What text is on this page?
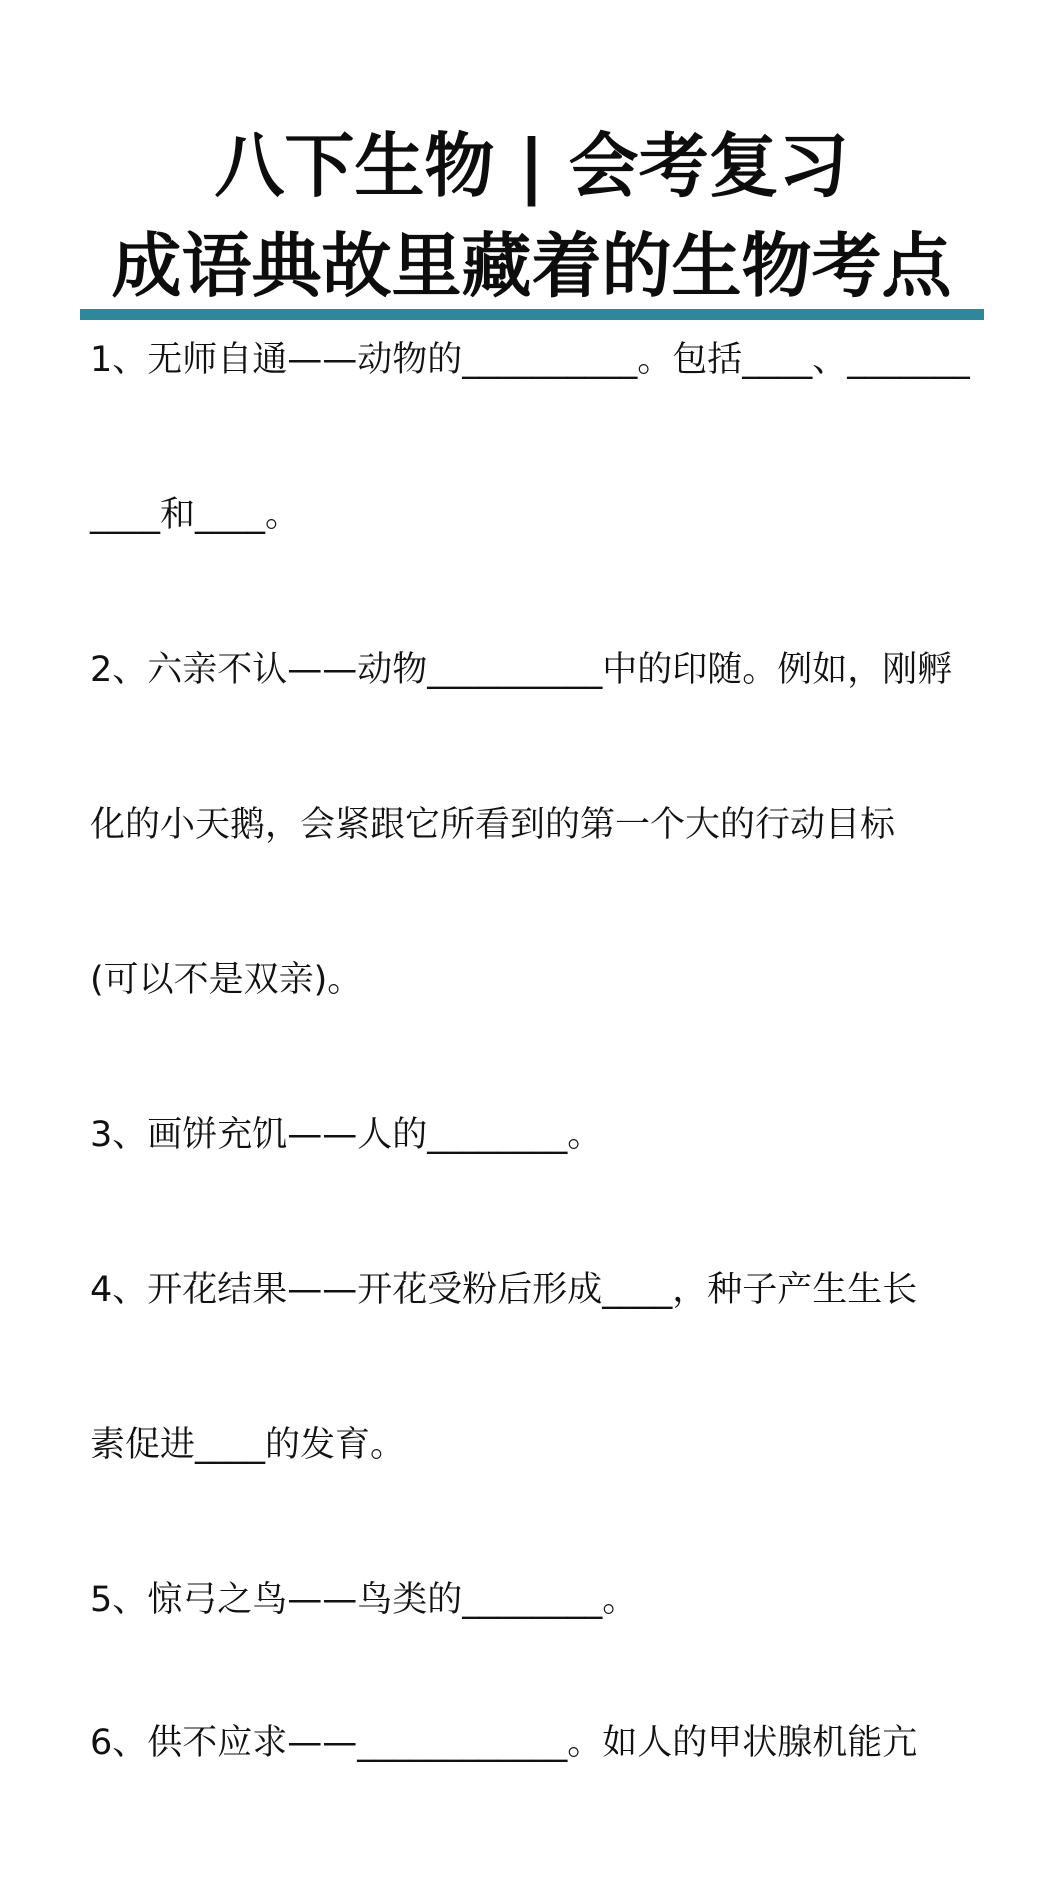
八下生物 | 会考复习
成语典故里藏着的生物考点
1、无师自通——动物的__________。包括____、_______
____和____。
2、六亲不认——动物__________中的印随。例如，刚孵
化的小天鹅，会紧跟它所看到的第一个大的行动目标
(可以不是双亲)。
3、画饼充饥——人的________。
4、开花结果——开花受粉后形成____，种子产生生长
素促进____的发育。
5、惊弓之鸟——鸟类的________。
6、供不应求——____________。如人的甲状腺机能亢
